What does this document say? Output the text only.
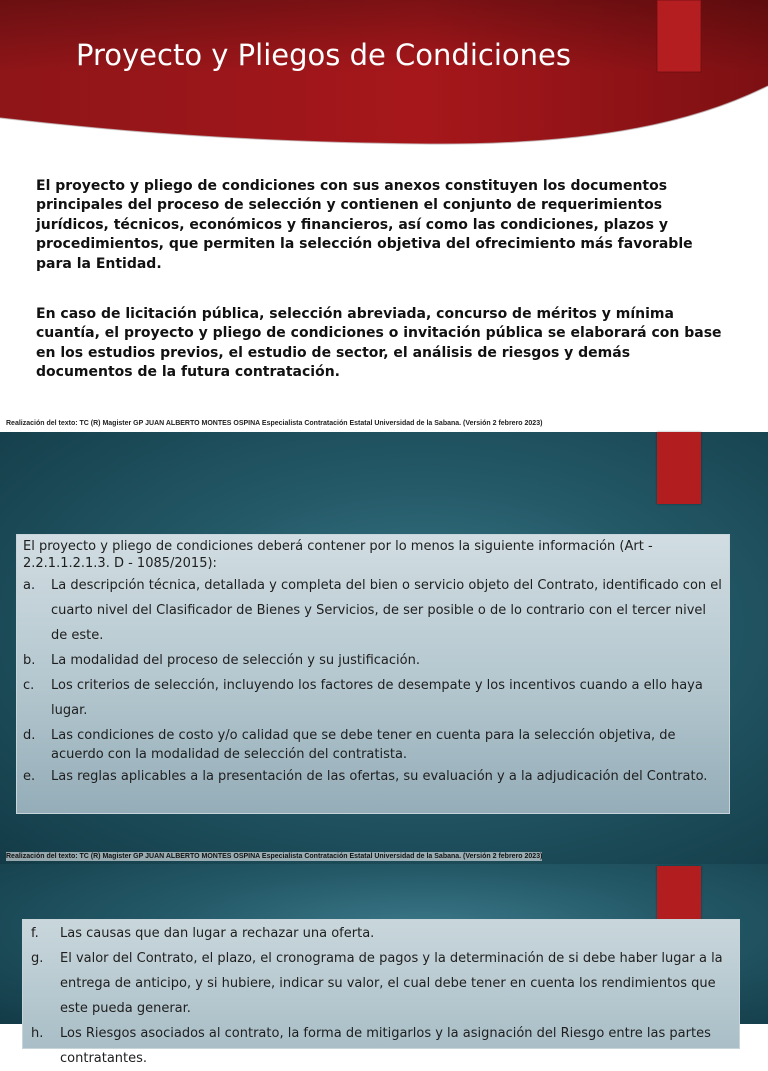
Proyecto y Pliegos de Condiciones

El proyecto y pliego de condiciones con sus anexos constituyen los documentos principales del proceso de selección y contienen el conjunto de requerimientos jurídicos, técnicos, económicos y financieros, así como las condiciones, plazos y procedimientos, que permiten la selección objetiva del ofrecimiento más favorable para la Entidad.

En caso de licitación pública, selección abreviada, concurso de méritos y mínima cuantía, el proyecto y pliego de condiciones o invitación pública se elaborará con base en los estudios previos, el estudio de sector, el análisis de riesgos y demás documentos de la futura contratación.

Realización del texto: TC (R) Magister GP JUAN ALBERTO MONTES OSPINA Especialista Contratación Estatal Universidad de la Sabana. (Versión 2 febrero 2023)

El proyecto y pliego de condiciones deberá contener por lo menos la siguiente información (Art - 2.2.1.1.2.1.3. D - 1085/2015):

a.	La descripción técnica, detallada y completa del bien o servicio objeto del Contrato, identificado con el cuarto nivel del Clasificador de Bienes y Servicios, de ser posible o de lo contrario con el tercer nivel de este.
b.	La modalidad del proceso de selección y su justificación.
c.	Los criterios de selección, incluyendo los factores de desempate y los incentivos cuando a ello haya lugar.
d.	Las condiciones de costo y/o calidad que se debe tener en cuenta para la selección objetiva, de acuerdo con la modalidad de selección del contratista.
e.	Las reglas aplicables a la presentación de las ofertas, su evaluación y a la adjudicación del Contrato.

Realización del texto: TC (R) Magister GP JUAN ALBERTO MONTES OSPINA Especialista Contratación Estatal Universidad de la Sabana. (Versión 2 febrero 2023)

f.	Las causas que dan lugar a rechazar una oferta.
g.	El valor del Contrato, el plazo, el cronograma de pagos y la determinación de si debe haber lugar a la entrega de anticipo, y si hubiere, indicar su valor, el cual debe tener en cuenta los rendimientos que este pueda generar.
h.	Los Riesgos asociados al contrato, la forma de mitigarlos y la asignación del Riesgo entre las partes contratantes.
